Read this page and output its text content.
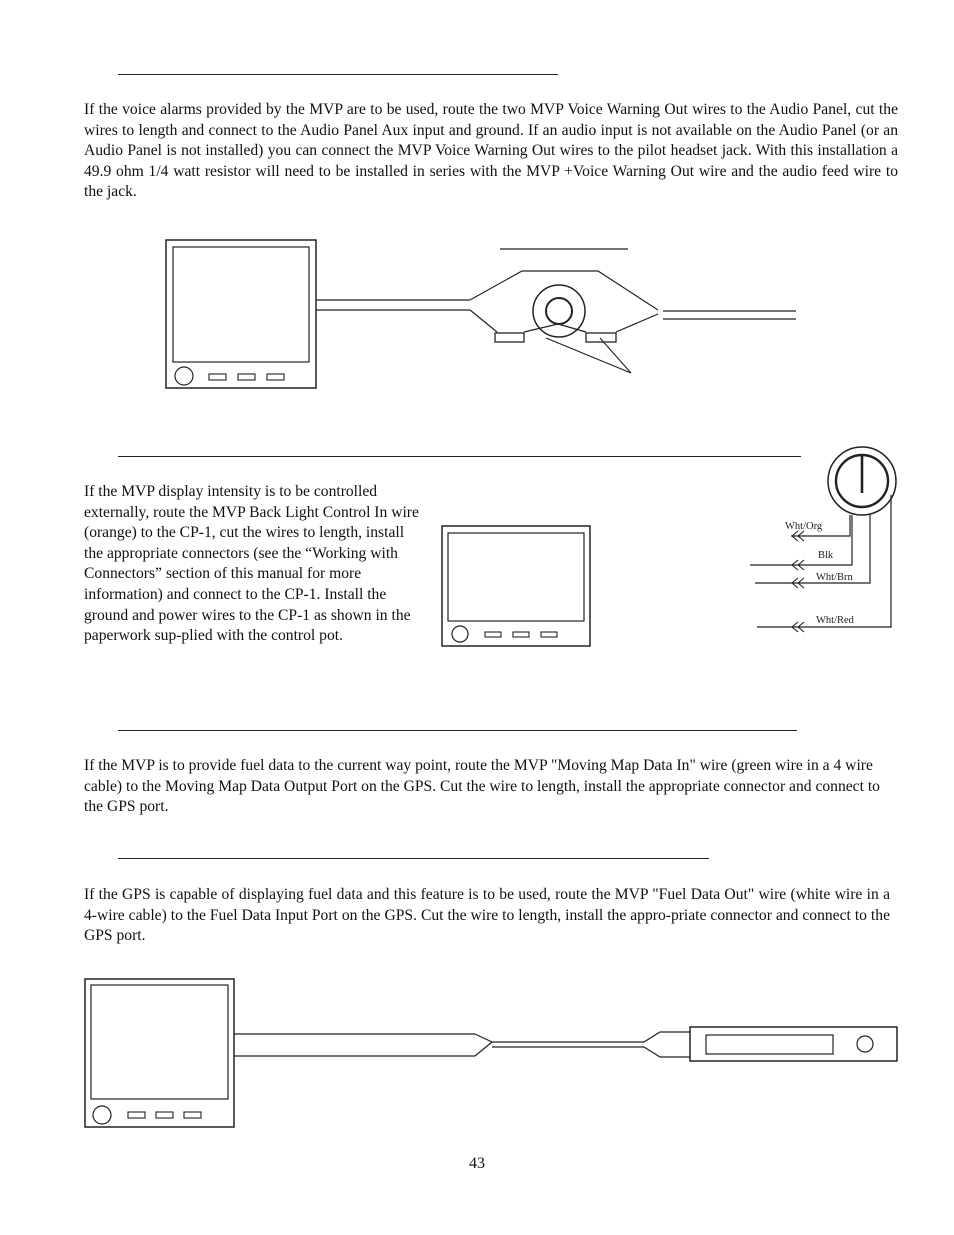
If the voice alarms provided by the MVP are to be used, route the two MVP Voice Warning Out wires to the Audio Panel, cut the wires to length and connect to the Audio Panel Aux input and ground. If an audio input is not available on the Audio Panel (or an Audio Panel is not installed) you can connect the MVP Voice Warning Out wires to the pilot headset jack. With this installation a 49.9 ohm 1/4 watt resistor will need to be installed in series with the MVP +Voice Warning Out wire and the audio feed wire to the jack.

If the MVP display intensity is to be controlled externally, route the MVP Back Light Control In wire (orange) to the CP-1, cut the wires to length, install the appropriate connectors (see the “Working with Connectors” section of this manual for more information) and connect to the CP-1. Install the ground and power wires to the CP-1 as shown in the paperwork sup-plied with the control pot.

Wht/Org
Blk
Wht/Brn
Wht/Red

If the MVP is to provide fuel data to the current way point, route the MVP "Moving Map Data In" wire (green wire in a 4 wire cable) to the Moving Map Data Output Port on the GPS. Cut the wire to length, install the appropriate connector and connect to the GPS port.

If the GPS is capable of displaying fuel data and this feature is to be used, route the MVP "Fuel Data Out" wire (white wire in a 4-wire cable) to the Fuel Data Input Port on the GPS. Cut the wire to length, install the appro-priate connector and connect to the GPS port.

43
